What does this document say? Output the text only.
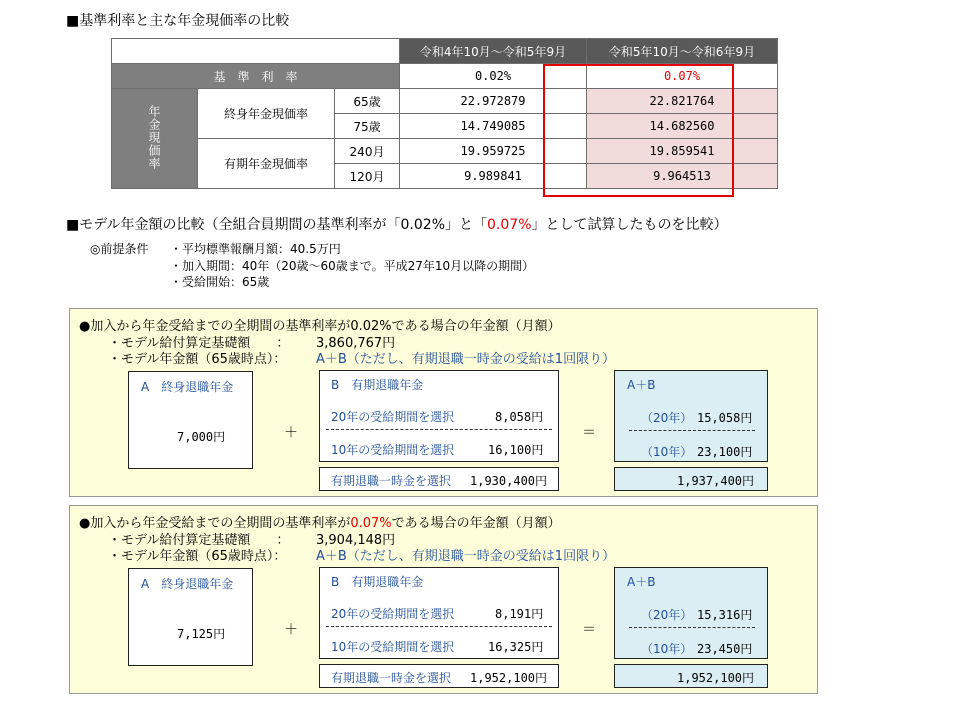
■基準利率と主な年金現価率の比較
			令和4年10月～令和5年9月	令和5年10月～令和6年9月
基　準　利　率			0.02%	0.07%
年金現価率	終身年金現価率	65歳	22.972879	22.821764
		75歳	14.749085	14.682560
	有期年金現価率	240月	19.959725	19.859541
		120月	9.989841	9.964513
■モデル年金額の比較（全組合員期間の基準利率が「0.02%」と「0.07%」として試算したものを比較）
◎前提条件 ・平均標準報酬月額：40.5万円
・加入期間：40年（20歳～60歳まで。平成27年10月以降の期間）
・受給開始：65歳
●加入から年金受給までの全期間の基準利率が0.02%である場合の年金額（月額）
・モデル給付算定基礎額　　： 3,860,767円
・モデル年金額（65歳時点）： A＋B（ただし、有期退職一時金の受給は1回限り）
A　終身退職年金
7,000円	＋
B　有期退職年金
20年の受給期間を選択	8,058円
10年の受給期間を選択	16,100円
有期退職一時金を選択 1,930,400円
＝
A＋B
（20年） 15,058円
（10年） 23,100円
1,937,400円
●加入から年金受給までの全期間の基準利率が0.07%である場合の年金額（月額）
・モデル給付算定基礎額　　： 3,904,148円
・モデル年金額（65歳時点）： A＋B（ただし、有期退職一時金の受給は1回限り）
A　終身退職年金
7,125円	＋
B　有期退職年金
20年の受給期間を選択	8,191円
10年の受給期間を選択	16,325円
有期退職一時金を選択 1,952,100円
＝
A＋B
（20年） 15,316円
（10年） 23,450円
1,952,100円
